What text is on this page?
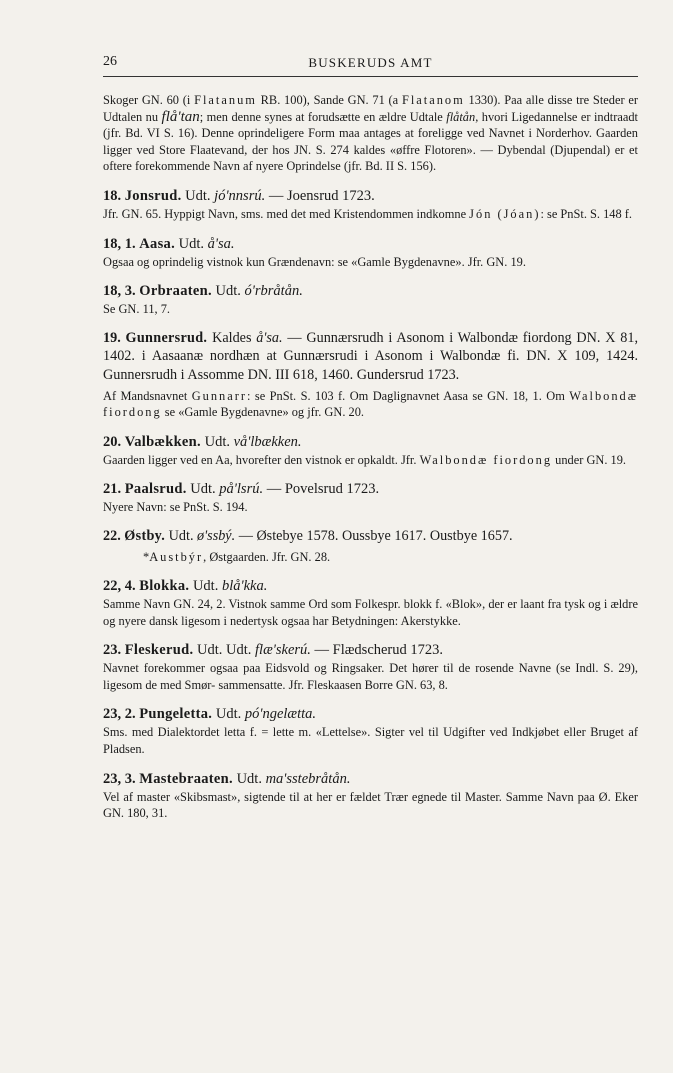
26	BUSKERUDS AMT

Skoger GN. 60 (i Flatanum RB. 100), Sande GN. 71 (a Flatanom 1330). Paa alle disse tre Steder er Udtalen nu flå'tan; men denne synes at forudsætte en ældre Udtale flåtån, hvori Ligedannelse er indtraadt (jfr. Bd. VI S. 16). Denne oprindeligere Form maa antages at foreligge ved Navnet i Norderhov. Gaarden ligger ved Store Flaatevand, der hos JN. S. 274 kaldes «øffre Flotoren». — Dybendal (Djupendal) er et oftere forekommende Navn af nyere Oprindelse (jfr. Bd. II S. 156).

18. Jonsrud. Udt. jó'nnsrú. — Joensrud 1723.

Jfr. GN. 65. Hyppigt Navn, sms. med det med Kristendommen indkomne Jón (Jóan): se PnSt. S. 148 f.

18, 1. Aasa. Udt. å'sa.

Ogsaa og oprindelig vistnok kun Grændenavn: se «Gamle Bygdenavne». Jfr. GN. 19.

18, 3. Orbraaten. Udt. ó'rbråtån.

Se GN. 11, 7.

19. Gunnersrud. Kaldes å'sa. — Gunnærsrudh i Asonom i Walbondæ fiordong DN. X 81, 1402. i Aasaanæ nordhæn at Gunnærsrudi i Asonom i Walbondæ fi. DN. X 109, 1424. Gunnersrudh i Assomme DN. III 618, 1460. Gundersrud 1723.

Af Mandsnavnet Gunnarr: se PnSt. S. 103 f. Om Daglignavnet Aasa se GN. 18, 1. Om Walbondæ fiordong se «Gamle Bygdenavne» og jfr. GN. 20.

20. Valbækken. Udt. vå'lbækken.

Gaarden ligger ved en Aa, hvorefter den vistnok er opkaldt. Jfr. Walbondæ fiordong under GN. 19.

21. Paalsrud. Udt. på'lsrú. — Povelsrud 1723.

Nyere Navn: se PnSt. S. 194.

22. Østby. Udt. ø'ssbý. — Østebye 1578. Oussbye 1617. Oustbye 1657.

*Austbýr, Østgaarden. Jfr. GN. 28.

22, 4. Blokka. Udt. blå'kka.

Samme Navn GN. 24, 2. Vistnok samme Ord som Folkespr. blokk f. «Blok», der er laant fra tysk og i ældre og nyere dansk ligesom i nedertysk ogsaa har Betydningen: Akerstykke.

23. Fleskerud. Udt. Udt. flæ'skerú. — Flædscherud 1723.

Navnet forekommer ogsaa paa Eidsvold og Ringsaker. Det hører til de rosende Navne (se Indl. S. 29), ligesom de med Smør- sammensatte. Jfr. Fleskaasen Borre GN. 63, 8.

23, 2. Pungeletta. Udt. pó'ngelætta.

Sms. med Dialektordet letta f. = lette m. «Lettelse». Sigter vel til Udgifter ved Indkjøbet eller Bruget af Pladsen.

23, 3. Mastebraaten. Udt. ma'sstebråtån.

Vel af master «Skibsmast», sigtende til at her er fældet Trær egnede til Master. Samme Navn paa Ø. Eker GN. 180, 31.
